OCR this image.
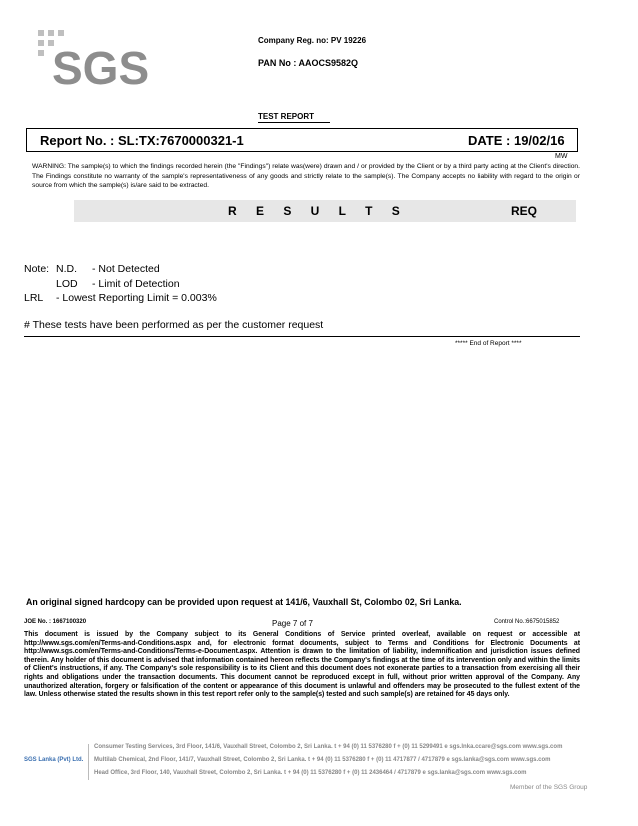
SGS
Company Reg. no: PV 19226
PAN No : AAOCS9582Q
TEST REPORT
Report No. : SL:TX:7670000321-1	DATE : 19/02/16
MW
WARNING: The sample(s) to which the findings recorded herein (the "Findings") relate was(were) drawn and / or provided by the Client or by a third party acting at the Client's direction. The Findings constitute no warranty of the sample's representativeness of any goods and strictly relate to the sample(s). The Company accepts no liability with regard to the origin or source from which the sample(s) is/are said to be extracted.
R E S U L T S	REQ
Note: N.D. - Not Detected
LOD - Limit of Detection
LRL - Lowest Reporting Limit = 0.003%
# These tests have been performed as per the customer request
***** End of Report ****
An original signed hardcopy can be provided upon request at 141/6, Vauxhall St, Colombo 02, Sri Lanka.
JOE No. : 1667100320	Page 7 of 7	Control No.:6675015852
This document is issued by the Company subject to its General Conditions of Service printed overleaf, available on request or accessible at http://www.sgs.com/en/Terms-and-Conditions.aspx and, for electronic format documents, subject to Terms and Conditions for Electronic Documents at http://www.sgs.com/en/Terms-and-Conditions/Terms-e-Document.aspx. Attention is drawn to the limitation of liability, indemnification and jurisdiction issues defined therein. Any holder of this document is advised that information contained hereon reflects the Company's findings at the time of its intervention only and within the limits of Client's instructions, if any. The Company's sole responsibility is to its Client and this document does not exonerate parties to a transaction from exercising all their rights and obligations under the transaction documents. This document cannot be reproduced except in full, without prior written approval of the Company. Any unauthorized alteration, forgery or falsification of the content or appearance of this document is unlawful and offenders may be prosecuted to the fullest extent of the law. Unless otherwise stated the results shown in this test report refer only to the sample(s) tested and such sample(s) are retained for 45 days only.
SGS Lanka (Pvt) Ltd.
Consumer Testing Services, 3rd Floor, 141/6, Vauxhall Street, Colombo 2, Sri Lanka. t + 94 (0) 11 5376280 f + (0) 11 5299491 e sgs.lnka.ccare@sgs.com www.sgs.com
Multilab Chemical, 2nd Floor, 141/7, Vauxhall Street, Colombo 2, Sri Lanka. t + 94 (0) 11 5376280 f + (0) 11 4717877 / 4717879 e sgs.lanka@sgs.com www.sgs.com
Head Office, 3rd Floor, 140, Vauxhall Street, Colombo 2, Sri Lanka. t + 94 (0) 11 5376280 f + (0) 11 2436464 / 4717879 e sgs.lanka@sgs.com www.sgs.com
Member of the SGS Group
